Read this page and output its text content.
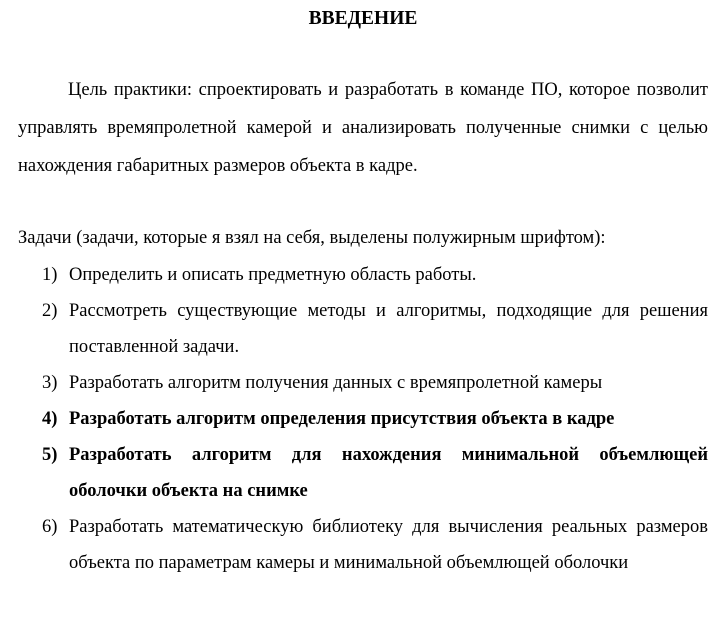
ВВЕДЕНИЕ

Цель практики: спроектировать и разработать в команде ПО, которое позволит управлять времяпролетной камерой и анализировать полученные снимки с целью нахождения габаритных размеров объекта в кадре.

Задачи (задачи, которые я взял на себя, выделены полужирным шрифтом):

1) Определить и описать предметную область работы.
2) Рассмотреть существующие методы и алгоритмы, подходящие для решения поставленной задачи.
3) Разработать алгоритм получения данных с времяпролетной камеры
4) Разработать алгоритм определения присутствия объекта в кадре
5) Разработать алгоритм для нахождения минимальной объемлющей оболочки объекта на снимке
6) Разработать математическую библиотеку для вычисления реальных размеров объекта по параметрам камеры и минимальной объемлющей оболочки
